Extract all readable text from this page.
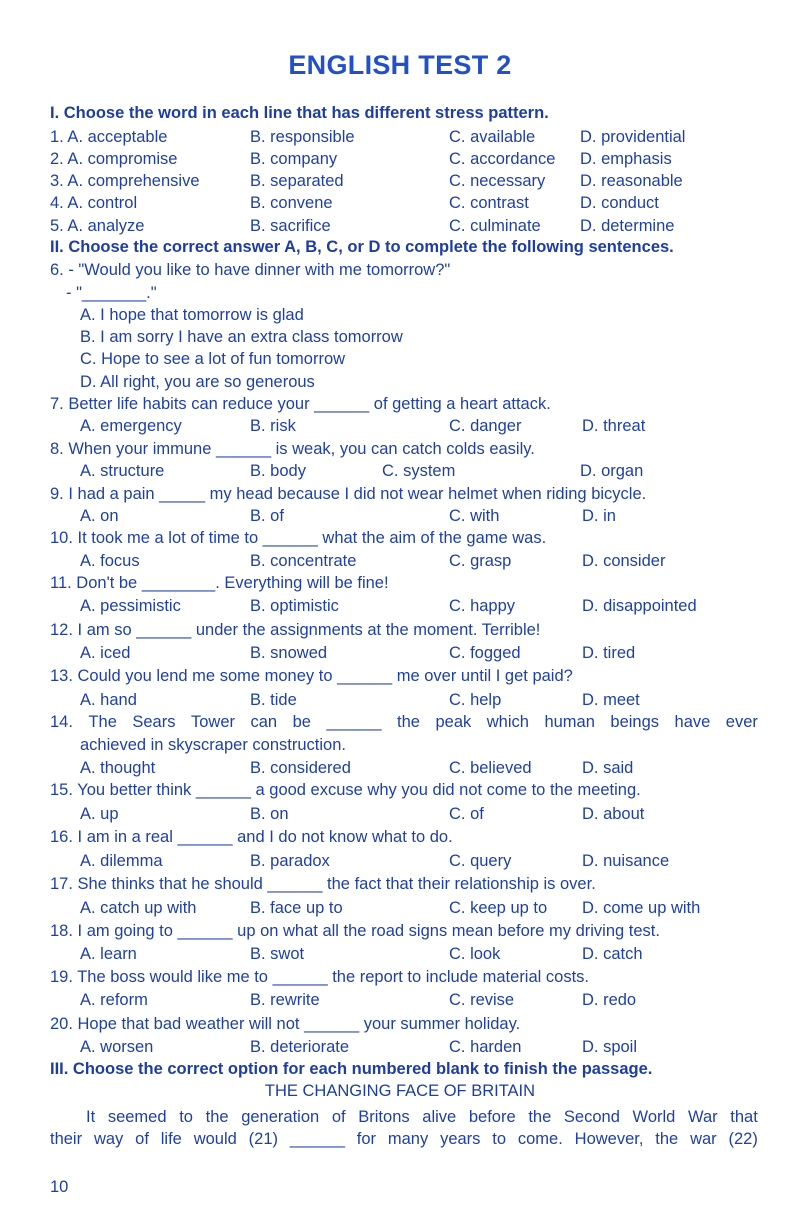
ENGLISH TEST 2
I. Choose the word in each line that has different stress pattern.
1. A. acceptable	B. responsible	C. available	D. providential
2. A. compromise	B. company	C. accordance D. emphasis
3. A. comprehensive	B. separated	C. necessary D. reasonable
4. A. control	B. convene	C. contrast	D. conduct
5. A. analyze	B. sacrifice	C. culminate D. determine
II. Choose the correct answer A, B, C, or D to complete the following sentences.
6. - "Would you like to have dinner with me tomorrow?"
- "_______."
A. I hope that tomorrow is glad
B. I am sorry I have an extra class tomorrow
C. Hope to see a lot of fun tomorrow
D. All right, you are so generous
7. Better life habits can reduce your ______ of getting a heart attack.
A. emergency	B. risk	C. danger	D. threat
8. When your immune ______ is weak, you can catch colds easily.
A. structure	B. body	C. system	D. organ
9. I had a pain _____ my head because I did not wear helmet when riding bicycle.
A. on	B. of	C. with	D. in
10. It took me a lot of time to ______ what the aim of the game was.
A. focus	B. concentrate	C. grasp	D. consider
11. Don't be ________. Everything will be fine!
A. pessimistic	B. optimistic	C. happy	D. disappointed
12. I am so ______ under the assignments at the moment. Terrible!
A. iced	B. snowed	C. fogged	D. tired
13. Could you lend me some money to ______ me over until I get paid?
A. hand	B. tide	C. help	D. meet
14. The Sears Tower can be ______ the peak which human beings have ever
achieved in skyscraper construction.
A. thought	B. considered	C. believed	D. said
15. You better think ______ a good excuse why you did not come to the meeting.
A. up	B. on	C. of	D. about
16. I am in a real ______ and I do not know what to do.
A. dilemma	B. paradox	C. query	D. nuisance
17. She thinks that he should ______ the fact that their relationship is over.
A. catch up with	B. face up to	C. keep up to D. come up with
18. I am going to ______ up on what all the road signs mean before my driving test.
A. learn	B. swot	C. look	D. catch
19. The boss would like me to ______ the report to include material costs.
A. reform	B. rewrite	C. revise	D. redo
20. Hope that bad weather will not ______ your summer holiday.
A. worsen	B. deteriorate	C. harden	D. spoil
III. Choose the correct option for each numbered blank to finish the passage.
THE CHANGING FACE OF BRITAIN
It seemed to the generation of Britons alive before the Second World War that
their way of life would (21) ______ for many years to come. However, the war (22)
10
